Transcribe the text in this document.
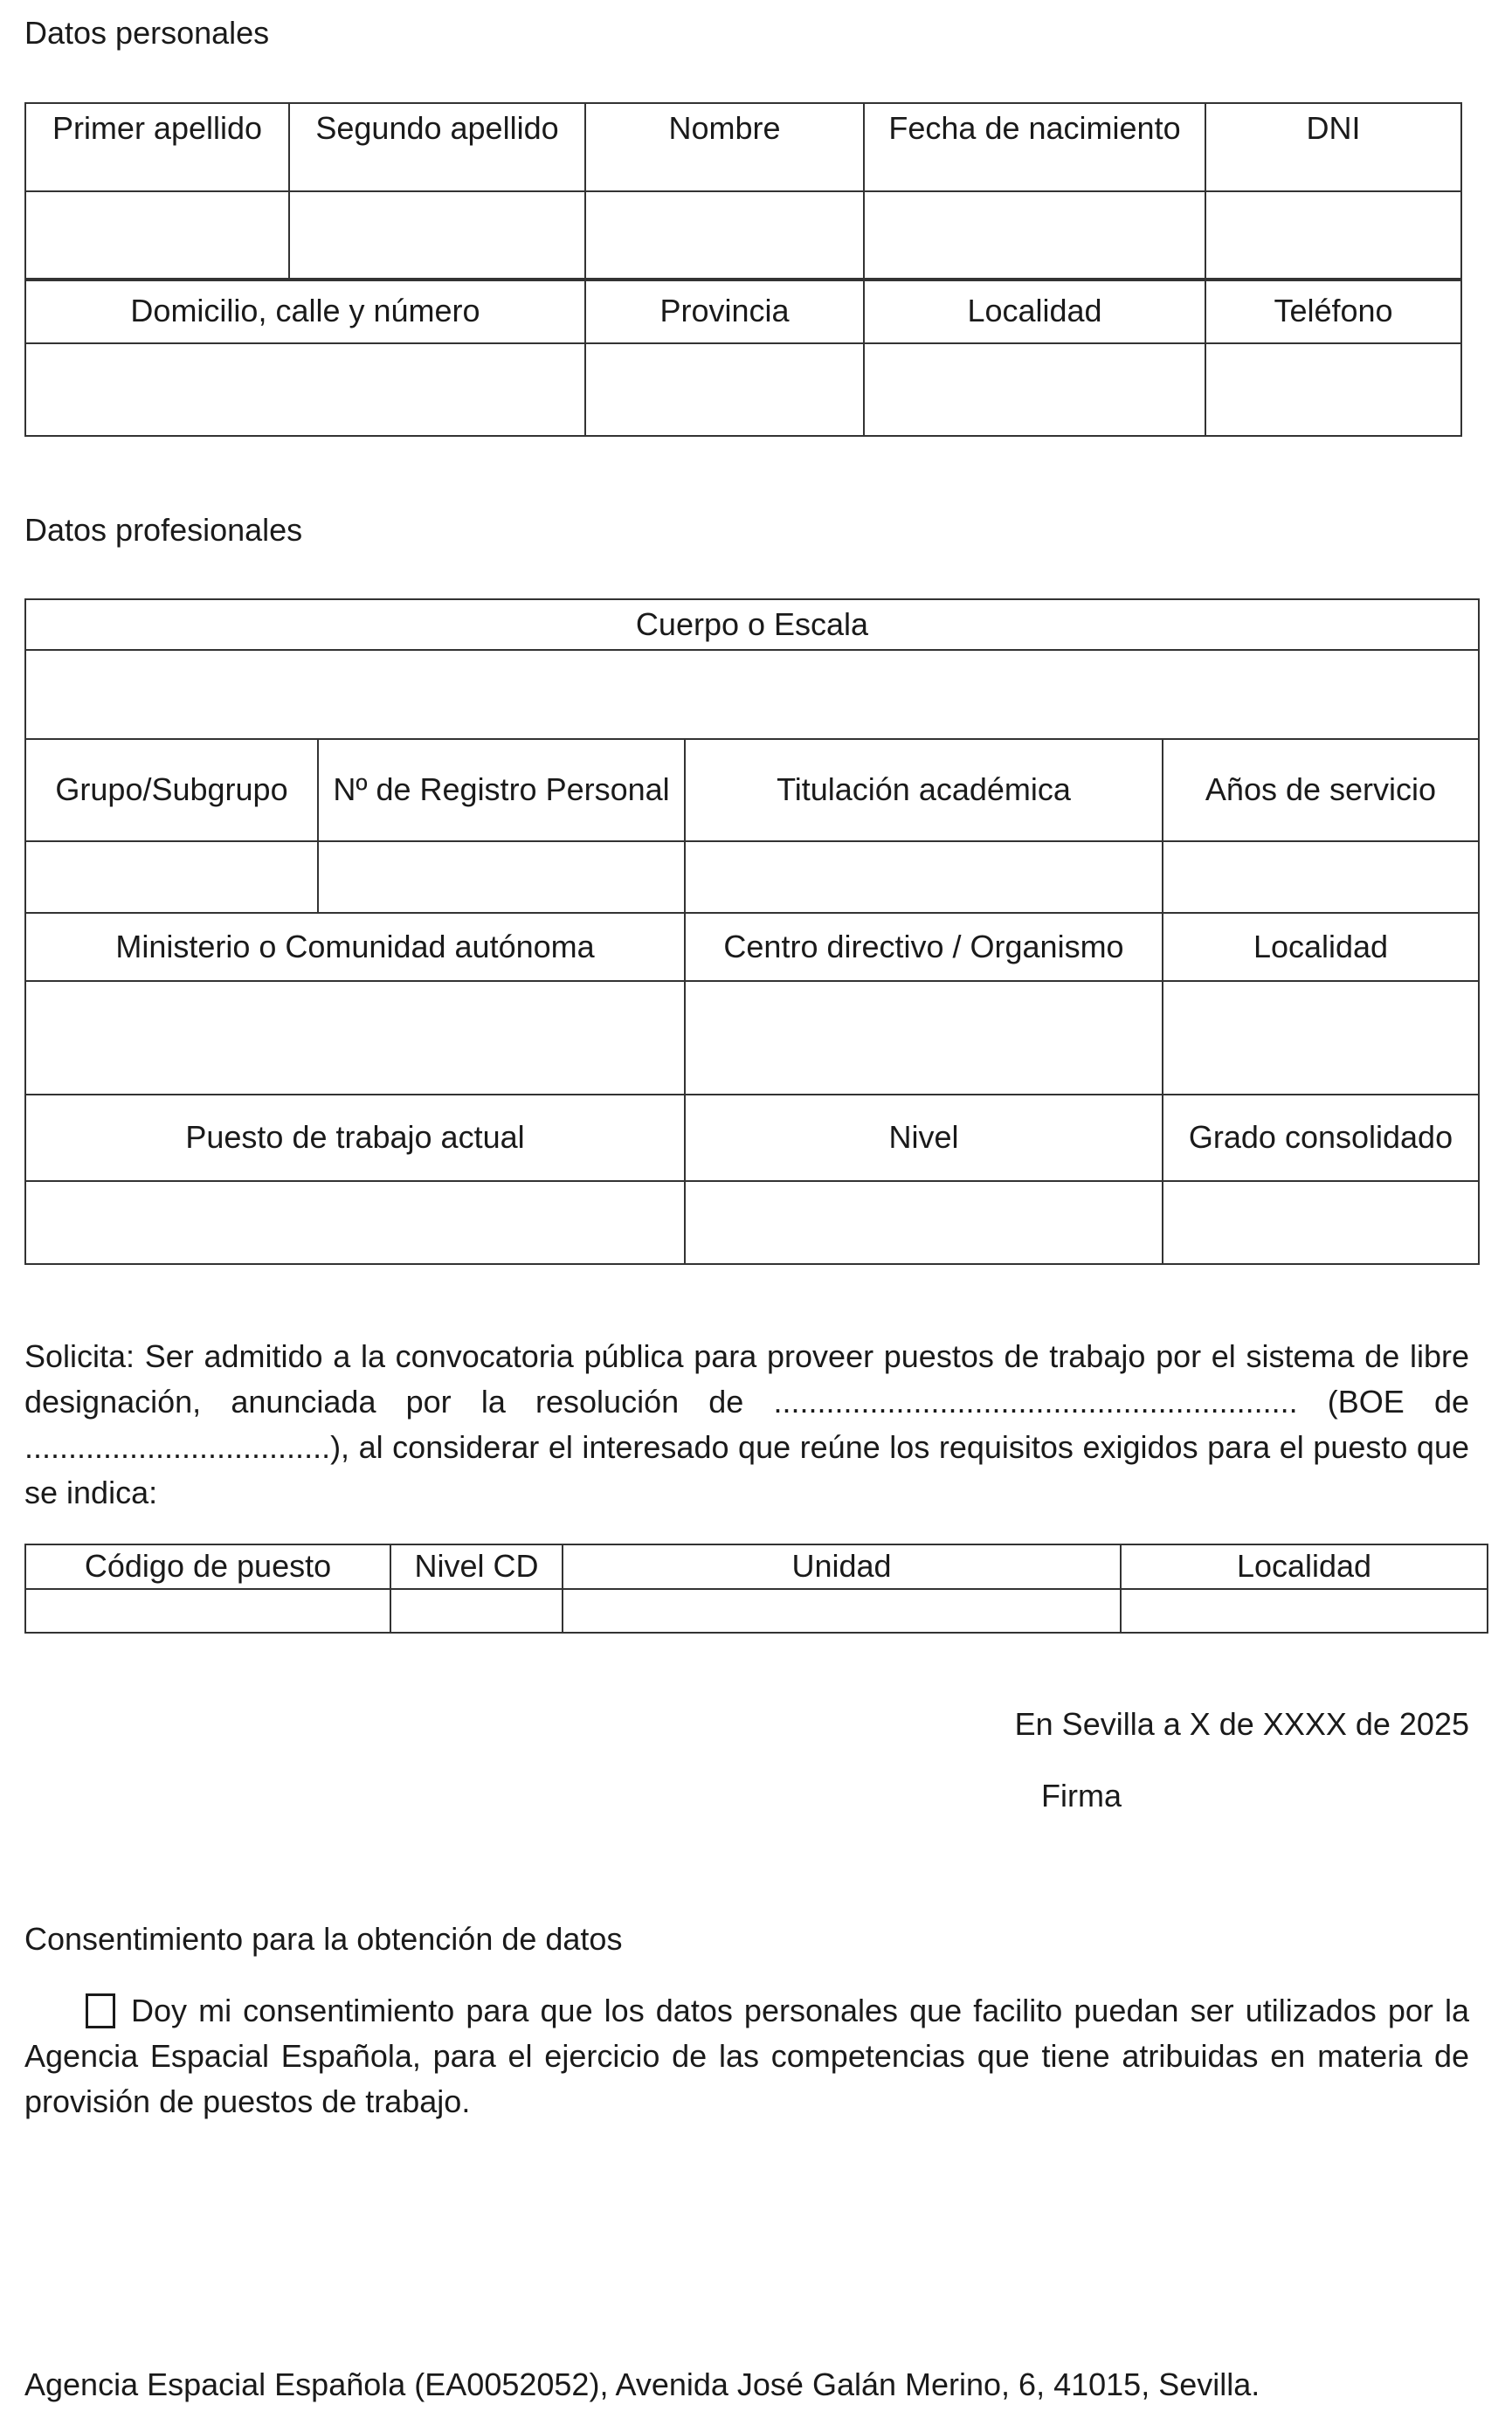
Datos personales
Primer apellido	Segundo apellido	Nombre	Fecha de nacimiento	DNI

Domicilio, calle y número	Provincia	Localidad	Teléfono

Datos profesionales
Cuerpo o Escala

Grupo/Subgrupo	Nº de Registro Personal	Titulación académica	Años de servicio

Ministerio o Comunidad autónoma	Centro directivo / Organismo	Localidad

Puesto de trabajo actual	Nivel	Grado consolidado

Solicita: Ser admitido a la convocatoria pública para proveer puestos de trabajo por el sistema de libre designación, anunciada por la resolución de ............................................................ (BOE de ...................................), al considerar el interesado que reúne los requisitos exigidos para el puesto que se indica:
Código de puesto	Nivel CD	Unidad	Localidad

En Sevilla a X de XXXX de 2025
Firma
Consentimiento para la obtención de datos
Doy mi consentimiento para que los datos personales que facilito puedan ser utilizados por la Agencia Espacial Española, para el ejercicio de las competencias que tiene atribuidas en materia de provisión de puestos de trabajo.
Agencia Espacial Española (EA0052052), Avenida José Galán Merino, 6, 41015, Sevilla.
